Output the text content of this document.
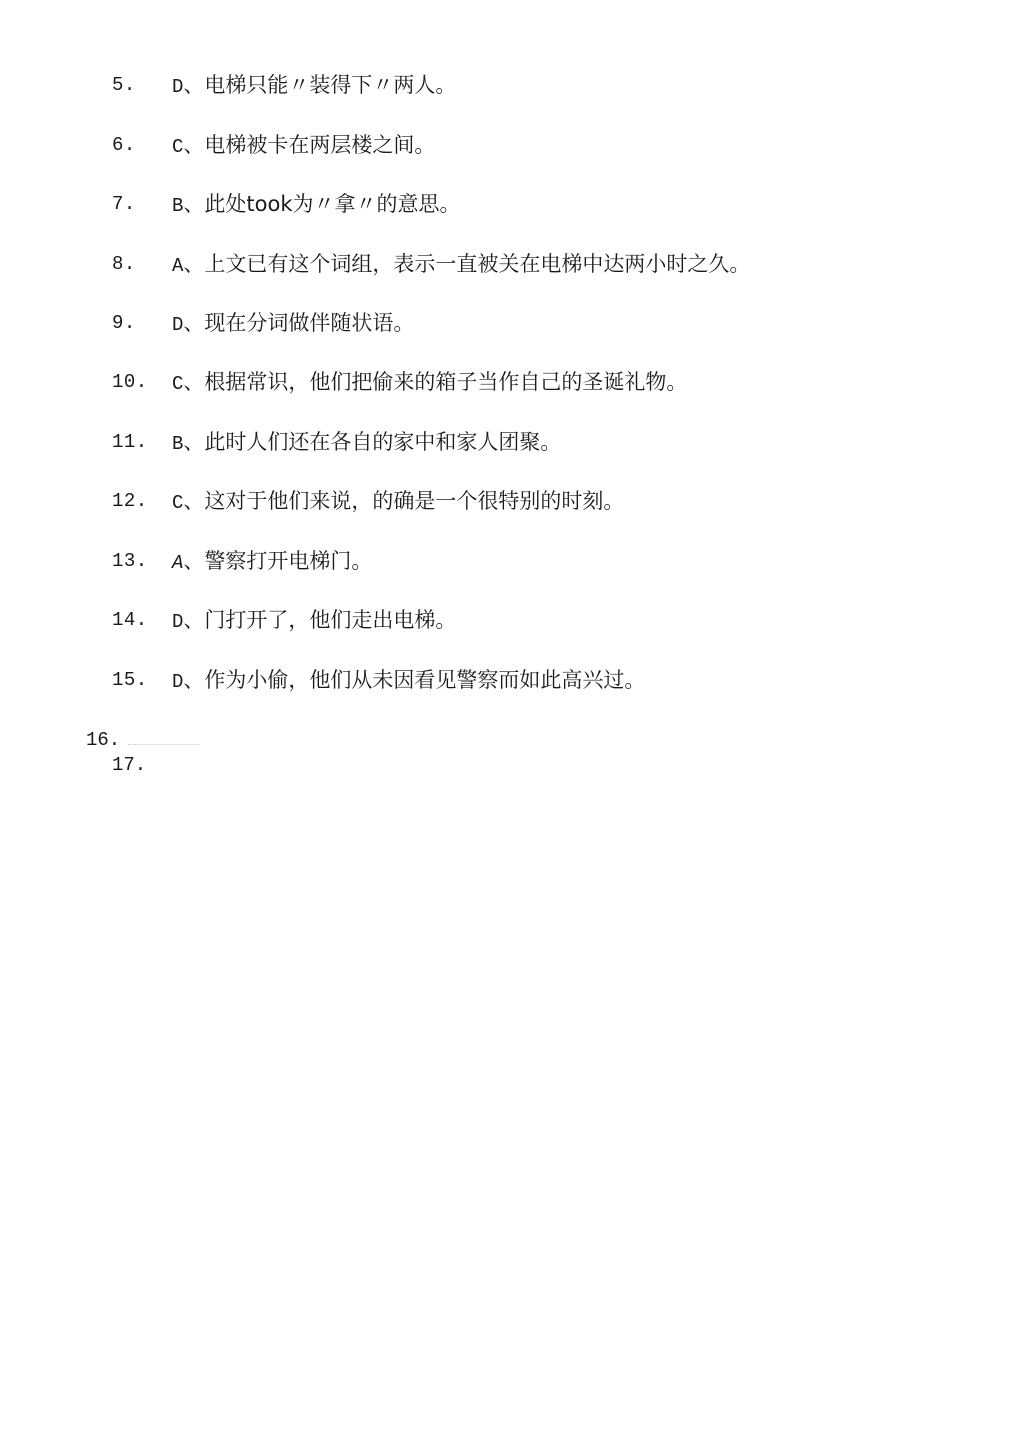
5. D、电梯只能〃装得下〃两人。
6. C、电梯被卡在两层楼之间。
7. B、此处took为〃拿〃的意思。
8. A、上文已有这个词组，表示一直被关在电梯中达两小时之久。
9. D、现在分词做伴随状语。
10. C、根据常识，他们把偷来的箱子当作自己的圣诞礼物。
11. B、此时人们还在各自的家中和家人团聚。
12. C、这对于他们来说，的确是一个很特别的时刻。
13. A、警察打开电梯门。
14. D、门打开了，他们走出电梯。
15. D、作为小偷，他们从未因看见警察而如此高兴过。
16.
17.
